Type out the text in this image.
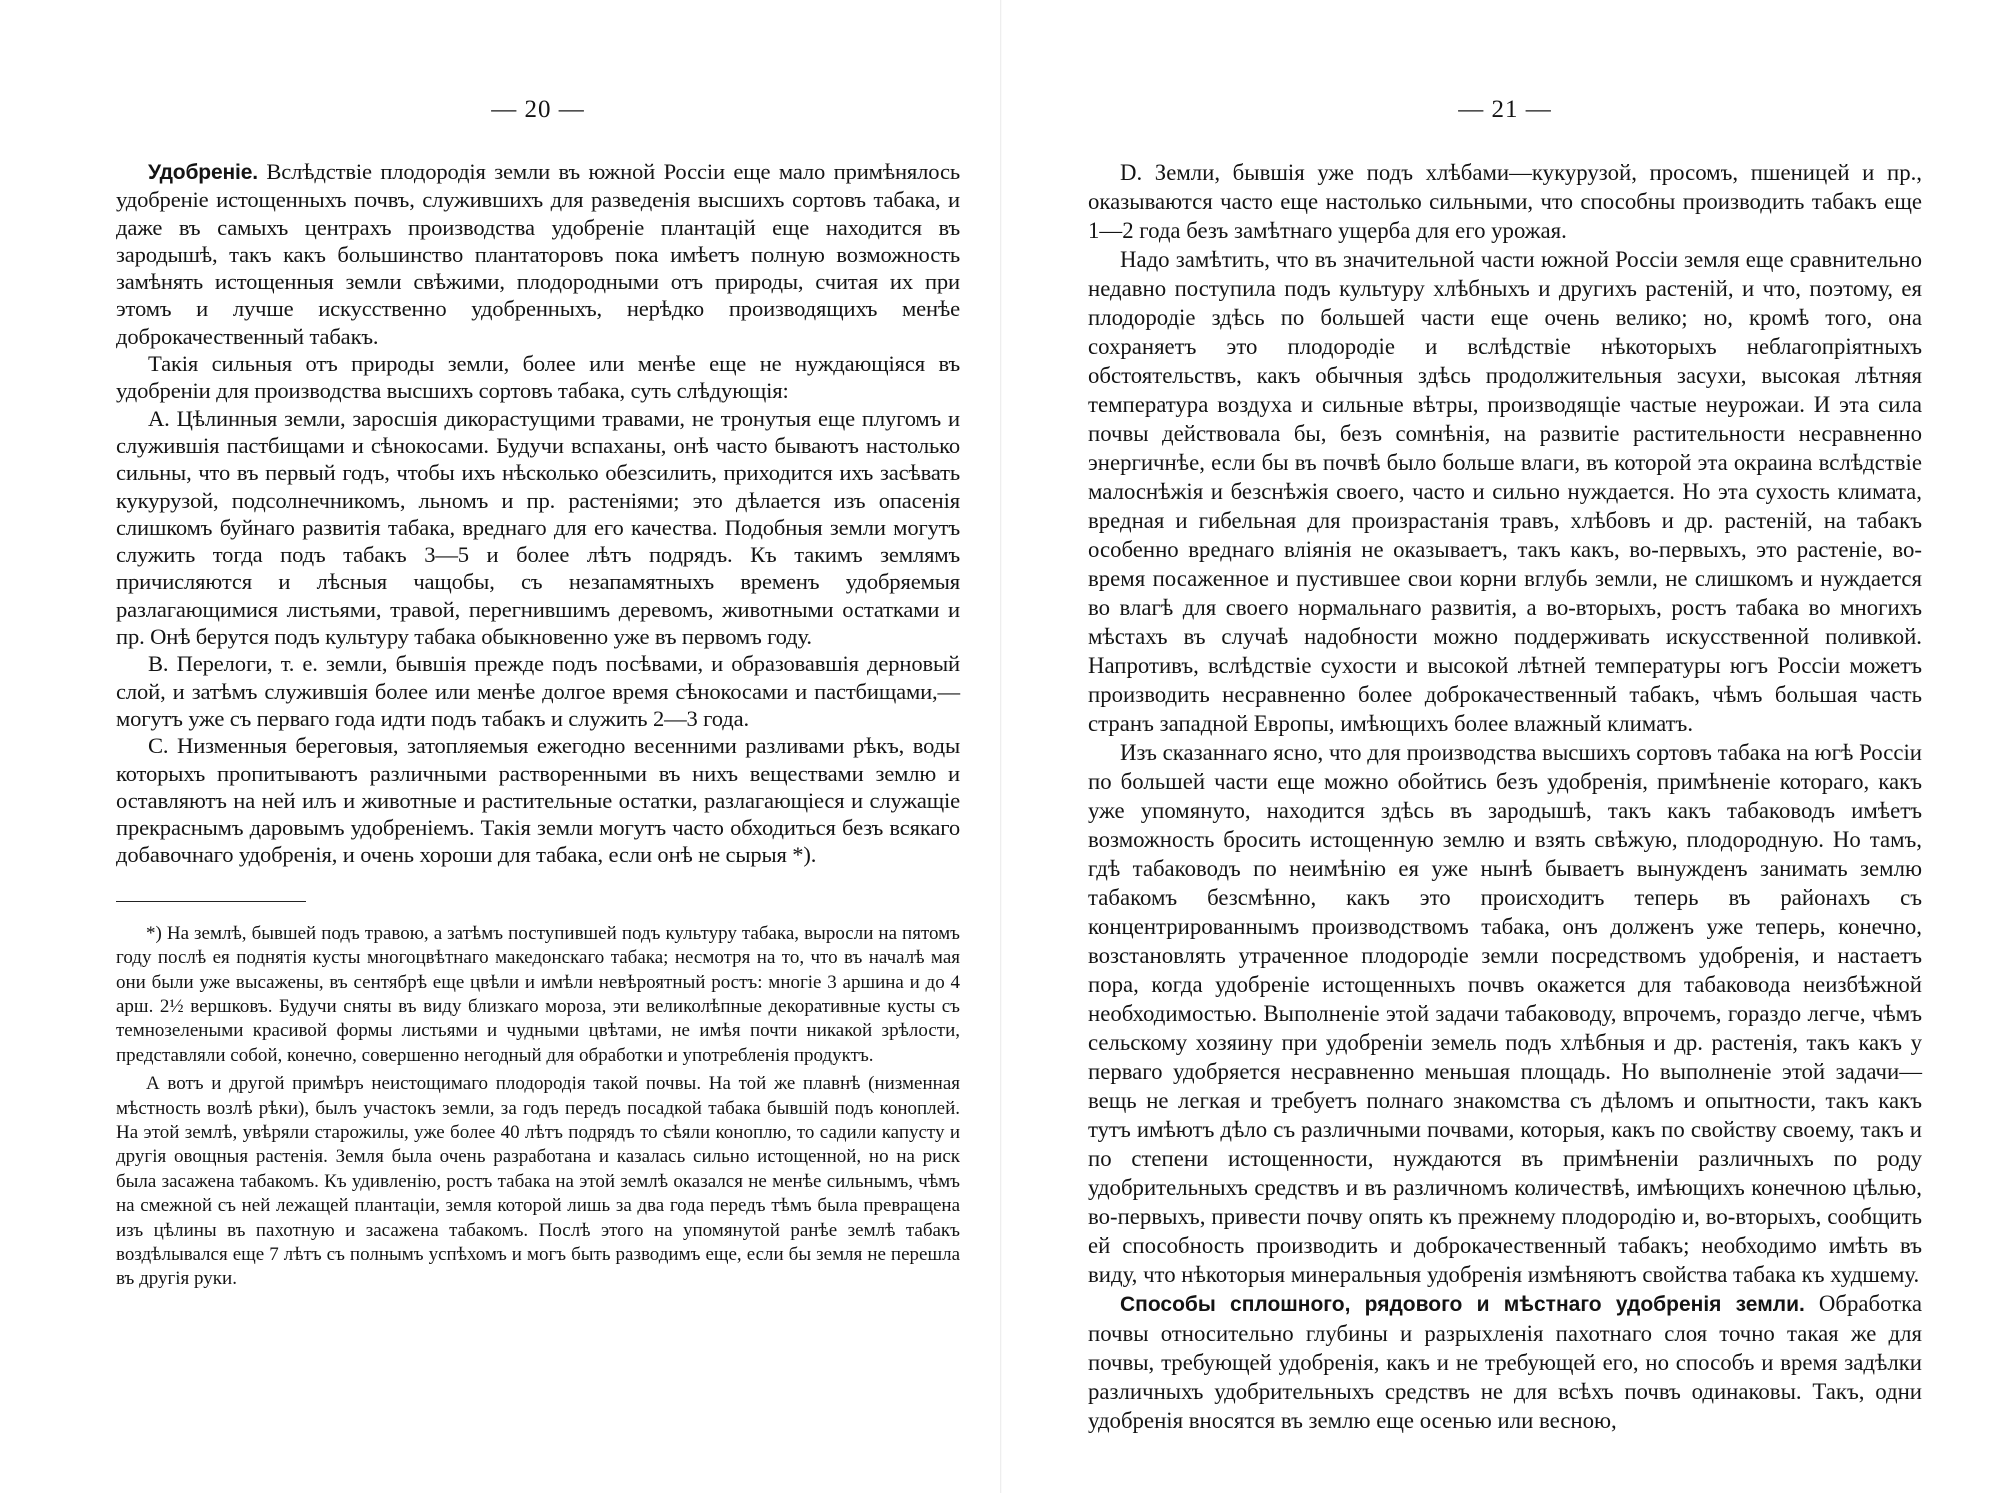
— 20 —

Удобреніе. Вслѣдствіе плодородія земли въ южной Россіи еще мало примѣнялось удобреніе истощенныхъ почвъ, служившихъ для разведенія высшихъ сортовъ табака, и даже въ самыхъ центрахъ производства удобреніе плантацій еще находится въ зародышѣ, такъ какъ большинство плантаторовъ пока имѣетъ полную возможность замѣнять истощенныя земли свѣжими, плодородными отъ природы, считая их при этомъ и лучше искусственно удобренныхъ, нерѣдко производящихъ менѣе доброкачественный табакъ.

Такія сильныя отъ природы земли, более или менѣе еще не нуждающіяся въ удобреніи для производства высшихъ сортовъ табака, суть слѣдующія:

А. Цѣлинныя земли, заросшія дикорастущими травами, не тронутыя еще плугомъ и служившія пастбищами и сѣнокосами. Будучи вспаханы, онѣ часто бываютъ настолько сильны, что въ первый годъ, чтобы ихъ нѣсколько обезсилить, приходится ихъ засѣвать кукурузой, подсолнечникомъ, льномъ и пр. растеніями; это дѣлается изъ опасенія слишкомъ буйнаго развитія табака, вреднаго для его качества. Подобныя земли могутъ служить тогда подъ табакъ 3—5 и более лѣтъ подрядъ. Къ такимъ землямъ причисляются и лѣсныя чащобы, съ незапамятныхъ временъ удобряемыя разлагающимися листьями, травой, перегнившимъ деревомъ, животными остатками и пр. Онѣ берутся подъ культуру табака обыкновенно уже въ первомъ году.

В. Перелоги, т. е. земли, бывшія прежде подъ посѣвами, и образовавшія дерновый слой, и затѣмъ служившія более или менѣе долгое время сѣнокосами и пастбищами,—могутъ уже съ перваго года идти подъ табакъ и служить 2—3 года.

С. Низменныя береговыя, затопляемыя ежегодно весенними разливами рѣкъ, воды которыхъ пропитываютъ различными растворенными въ нихъ веществами землю и оставляютъ на ней илъ и животные и растительные остатки, разлагающіеся и служащіе прекраснымъ даровымъ удобреніемъ. Такія земли могутъ часто обходиться безъ всякаго добавочнаго удобренія, и очень хороши для табака, если онѣ не сырыя *).

*) На землѣ, бывшей подъ травою, а затѣмъ поступившей подъ культуру табака, выросли на пятомъ году послѣ ея поднятія кусты многоцвѣтнаго македонскаго табака; несмотря на то, что въ началѣ мая они были уже высажены, въ сентябрѣ еще цвѣли и имѣли невѣроятный ростъ: многіе 3 аршина и до 4 арш. 2½ вершковъ. Будучи сняты въ виду близкаго мороза, эти великолѣпные декоративные кусты съ темнозелеными красивой формы листьями и чудными цвѣтами, не имѣя почти никакой зрѣлости, представляли собой, конечно, совершенно негодный для обработки и употребленія продуктъ.

А вотъ и другой примѣръ неистощимаго плодородія такой почвы. На той же плавнѣ (низменная мѣстность возлѣ рѣки), былъ участокъ земли, за годъ передъ посадкой табака бывшій подъ коноплей. На этой землѣ, увѣряли старожилы, уже более 40 лѣтъ подрядъ то сѣяли коноплю, то садили капусту и другія овощныя растенія. Земля была очень разработана и казалась сильно истощенной, но на риск была засажена табакомъ. Къ удивленію, ростъ табака на этой землѣ оказался не менѣе сильнымъ, чѣмъ на смежной съ ней лежащей плантаціи, земля которой лишь за два года передъ тѣмъ была превращена изъ цѣлины въ пахотную и засажена табакомъ. Послѣ этого на упомянутой ранѣе землѣ табакъ воздѣлывался еще 7 лѣтъ съ полнымъ успѣхомъ и могъ быть разводимъ еще, если бы земля не перешла въ другія руки.

— 21 —

D. Земли, бывшія уже подъ хлѣбами—кукурузой, просомъ, пшеницей и пр., оказываются часто еще настолько сильными, что способны производить табакъ еще 1—2 года безъ замѣтнаго ущерба для его урожая.

Надо замѣтить, что въ значительной части южной Россіи земля еще сравнительно недавно поступила подъ культуру хлѣбныхъ и другихъ растеній, и что, поэтому, ея плодородіе здѣсь по большей части еще очень велико; но, кромѣ того, она сохраняетъ это плодородіе и вслѣдствіе нѣкоторыхъ неблагопріятныхъ обстоятельствъ, какъ обычныя здѣсь продолжительныя засухи, высокая лѣтняя температура воздуха и сильные вѣтры, производящіе частые неурожаи. И эта сила почвы действовала бы, безъ сомнѣнія, на развитіе растительности несравненно энергичнѣе, если бы въ почвѣ было больше влаги, въ которой эта окраина вслѣдствіе малоснѣжія и безснѣжія своего, часто и сильно нуждается. Но эта сухость климата, вредная и гибельная для произрастанія травъ, хлѣбовъ и др. растеній, на табакъ особенно вреднаго вліянія не оказываетъ, такъ какъ, во-первыхъ, это растеніе, во-время посаженное и пустившее свои корни вглубь земли, не слишкомъ и нуждается во влагѣ для своего нормальнаго развитія, а во-вторыхъ, ростъ табака во многихъ мѣстахъ въ случаѣ надобности можно поддерживать искусственной поливкой. Напротивъ, вслѣдствіе сухости и высокой лѣтней температуры югъ Россіи можетъ производить несравненно более доброкачественный табакъ, чѣмъ большая часть странъ западной Европы, имѣющихъ более влажный климатъ.

Изъ сказаннаго ясно, что для производства высшихъ сортовъ табака на югѣ Россіи по большей части еще можно обойтись безъ удобренія, примѣненіе котораго, какъ уже упомянуто, находится здѣсь въ зародышѣ, такъ какъ табаководъ имѣетъ возможность бросить истощенную землю и взять свѣжую, плодородную. Но тамъ, гдѣ табаководъ по неимѣнію ея уже нынѣ бываетъ вынужденъ занимать землю табакомъ безсмѣнно, какъ это происходитъ теперь въ районахъ съ концентрированнымъ производствомъ табака, онъ долженъ уже теперь, конечно, возстановлять утраченное плодородіе земли посредствомъ удобренія, и настаетъ пора, когда удобреніе истощенныхъ почвъ окажется для табаковода неизбѣжной необходимостью. Выполненіе этой задачи табаководу, впрочемъ, гораздо легче, чѣмъ сельскому хозяину при удобреніи земель подъ хлѣбныя и др. растенія, такъ какъ у перваго удобряется несравненно меньшая площадь. Но выполненіе этой задачи—вещь не легкая и требуетъ полнаго знакомства съ дѣломъ и опытности, такъ какъ тутъ имѣютъ дѣло съ различными почвами, которыя, какъ по свойству своему, такъ и по степени истощенности, нуждаются въ примѣненіи различныхъ по роду удобрительныхъ средствъ и въ различномъ количествѣ, имѣющихъ конечною цѣлью, во-первыхъ, привести почву опять къ прежнему плодородію и, во-вторыхъ, сообщить ей способность производить и доброкачественный табакъ; необходимо имѣть въ виду, что нѣкоторыя минеральныя удобренія измѣняютъ свойства табака къ худшему.

Способы сплошного, рядового и мѣстнаго удобренія земли. Обработка почвы относительно глубины и разрыхленія пахотнаго слоя точно такая же для почвы, требующей удобренія, какъ и не требующей его, но способъ и время задѣлки различныхъ удобрительныхъ средствъ не для всѣхъ почвъ одинаковы. Такъ, одни удобренія вносятся въ землю еще осенью или весною,
